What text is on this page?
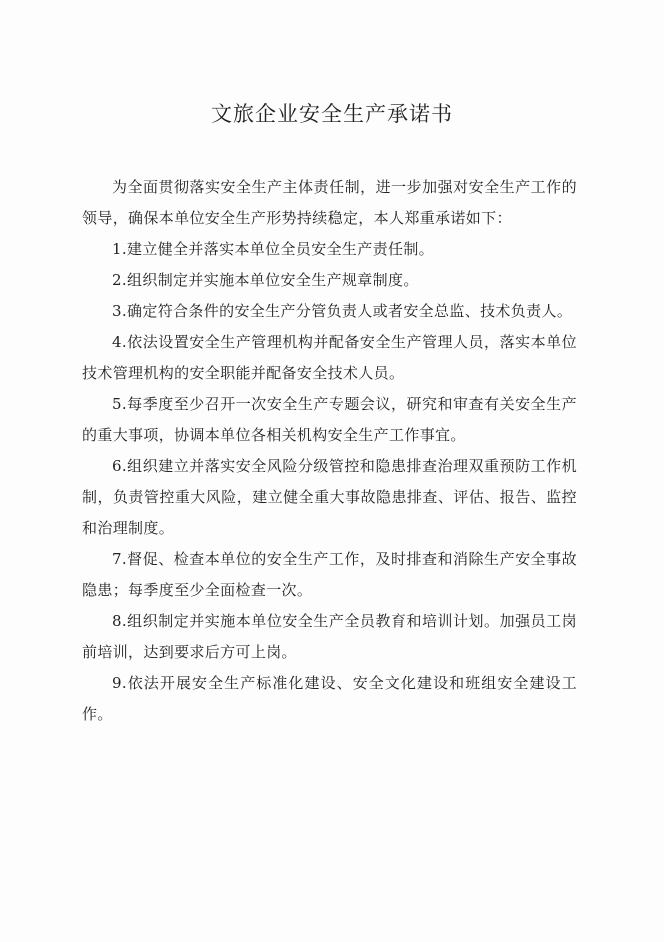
文旅企业安全生产承诺书

为全面贯彻落实安全生产主体责任制，进一步加强对安全生产工作的领导，确保本单位安全生产形势持续稳定，本人郑重承诺如下：

1.建立健全并落实本单位全员安全生产责任制。

2.组织制定并实施本单位安全生产规章制度。

3.确定符合条件的安全生产分管负责人或者安全总监、技术负责人。

4.依法设置安全生产管理机构并配备安全生产管理人员，落实本单位技术管理机构的安全职能并配备安全技术人员。

5.每季度至少召开一次安全生产专题会议，研究和审查有关安全生产的重大事项，协调本单位各相关机构安全生产工作事宜。

6.组织建立并落实安全风险分级管控和隐患排查治理双重预防工作机制，负责管控重大风险，建立健全重大事故隐患排查、评估、报告、监控和治理制度。

7.督促、检查本单位的安全生产工作，及时排查和消除生产安全事故隐患；每季度至少全面检查一次。

8.组织制定并实施本单位安全生产全员教育和培训计划。加强员工岗前培训，达到要求后方可上岗。

9.依法开展安全生产标准化建设、安全文化建设和班组安全建设工作。
